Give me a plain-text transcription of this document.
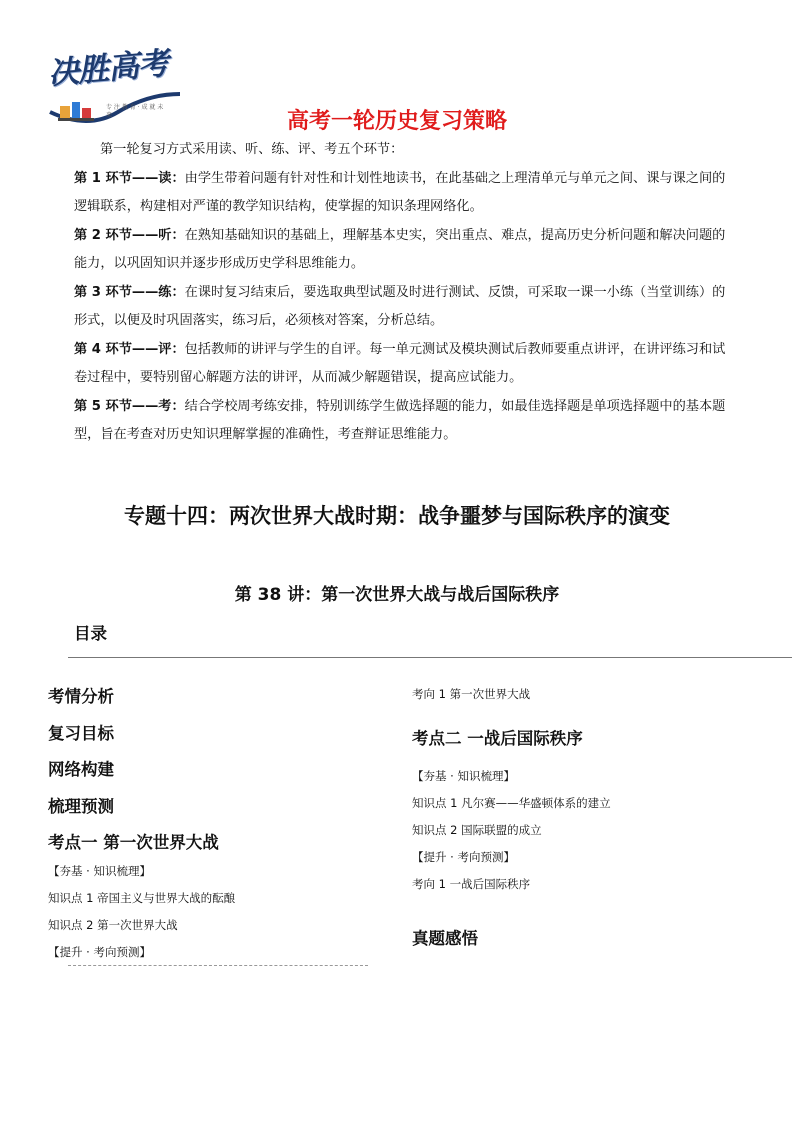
决胜高考
专 注 教 育 · 成 就 未 来	高考一轮历史复习策略

第一轮复习方式采用读、听、练、评、考五个环节：

第 1 环节——读：由学生带着问题有针对性和计划性地读书，在此基础之上理清单元与单元之间、课与课之间的逻辑联系，构建相对严谨的教学知识结构，使掌握的知识条理网络化。

第 2 环节——听：在熟知基础知识的基础上，理解基本史实，突出重点、难点，提高历史分析问题和解决问题的能力，以巩固知识并逐步形成历史学科思维能力。

第 3 环节——练：在课时复习结束后，要选取典型试题及时进行测试、反馈，可采取一课一小练（当堂训练）的形式，以便及时巩固落实，练习后，必须核对答案，分析总结。

第 4 环节——评：包括教师的讲评与学生的自评。每一单元测试及模块测试后教师要重点讲评，在讲评练习和试卷过程中，要特别留心解题方法的讲评，从而减少解题错误，提高应试能力。

第 5 环节——考：结合学校周考练安排，特别训练学生做选择题的能力，如最佳选择题是单项选择题中的基本题型，旨在考查对历史知识理解掌握的准确性，考查辩证思维能力。

专题十四：两次世界大战时期：战争噩梦与国际秩序的演变
第 38 讲：第一次世界大战与战后国际秩序
目录

考情分析

复习目标

网络构建

梳理预测

考点一 第一次世界大战

【夯基 · 知识梳理】

知识点 1 帝国主义与世界大战的酝酿

知识点 2 第一次世界大战

【提升 · 考向预测】

考向 1 第一次世界大战

考点二 一战后国际秩序

【夯基 · 知识梳理】

知识点 1 凡尔赛——华盛顿体系的建立

知识点 2 国际联盟的成立

【提升 · 考向预测】

考向 1 一战后国际秩序

真题感悟
